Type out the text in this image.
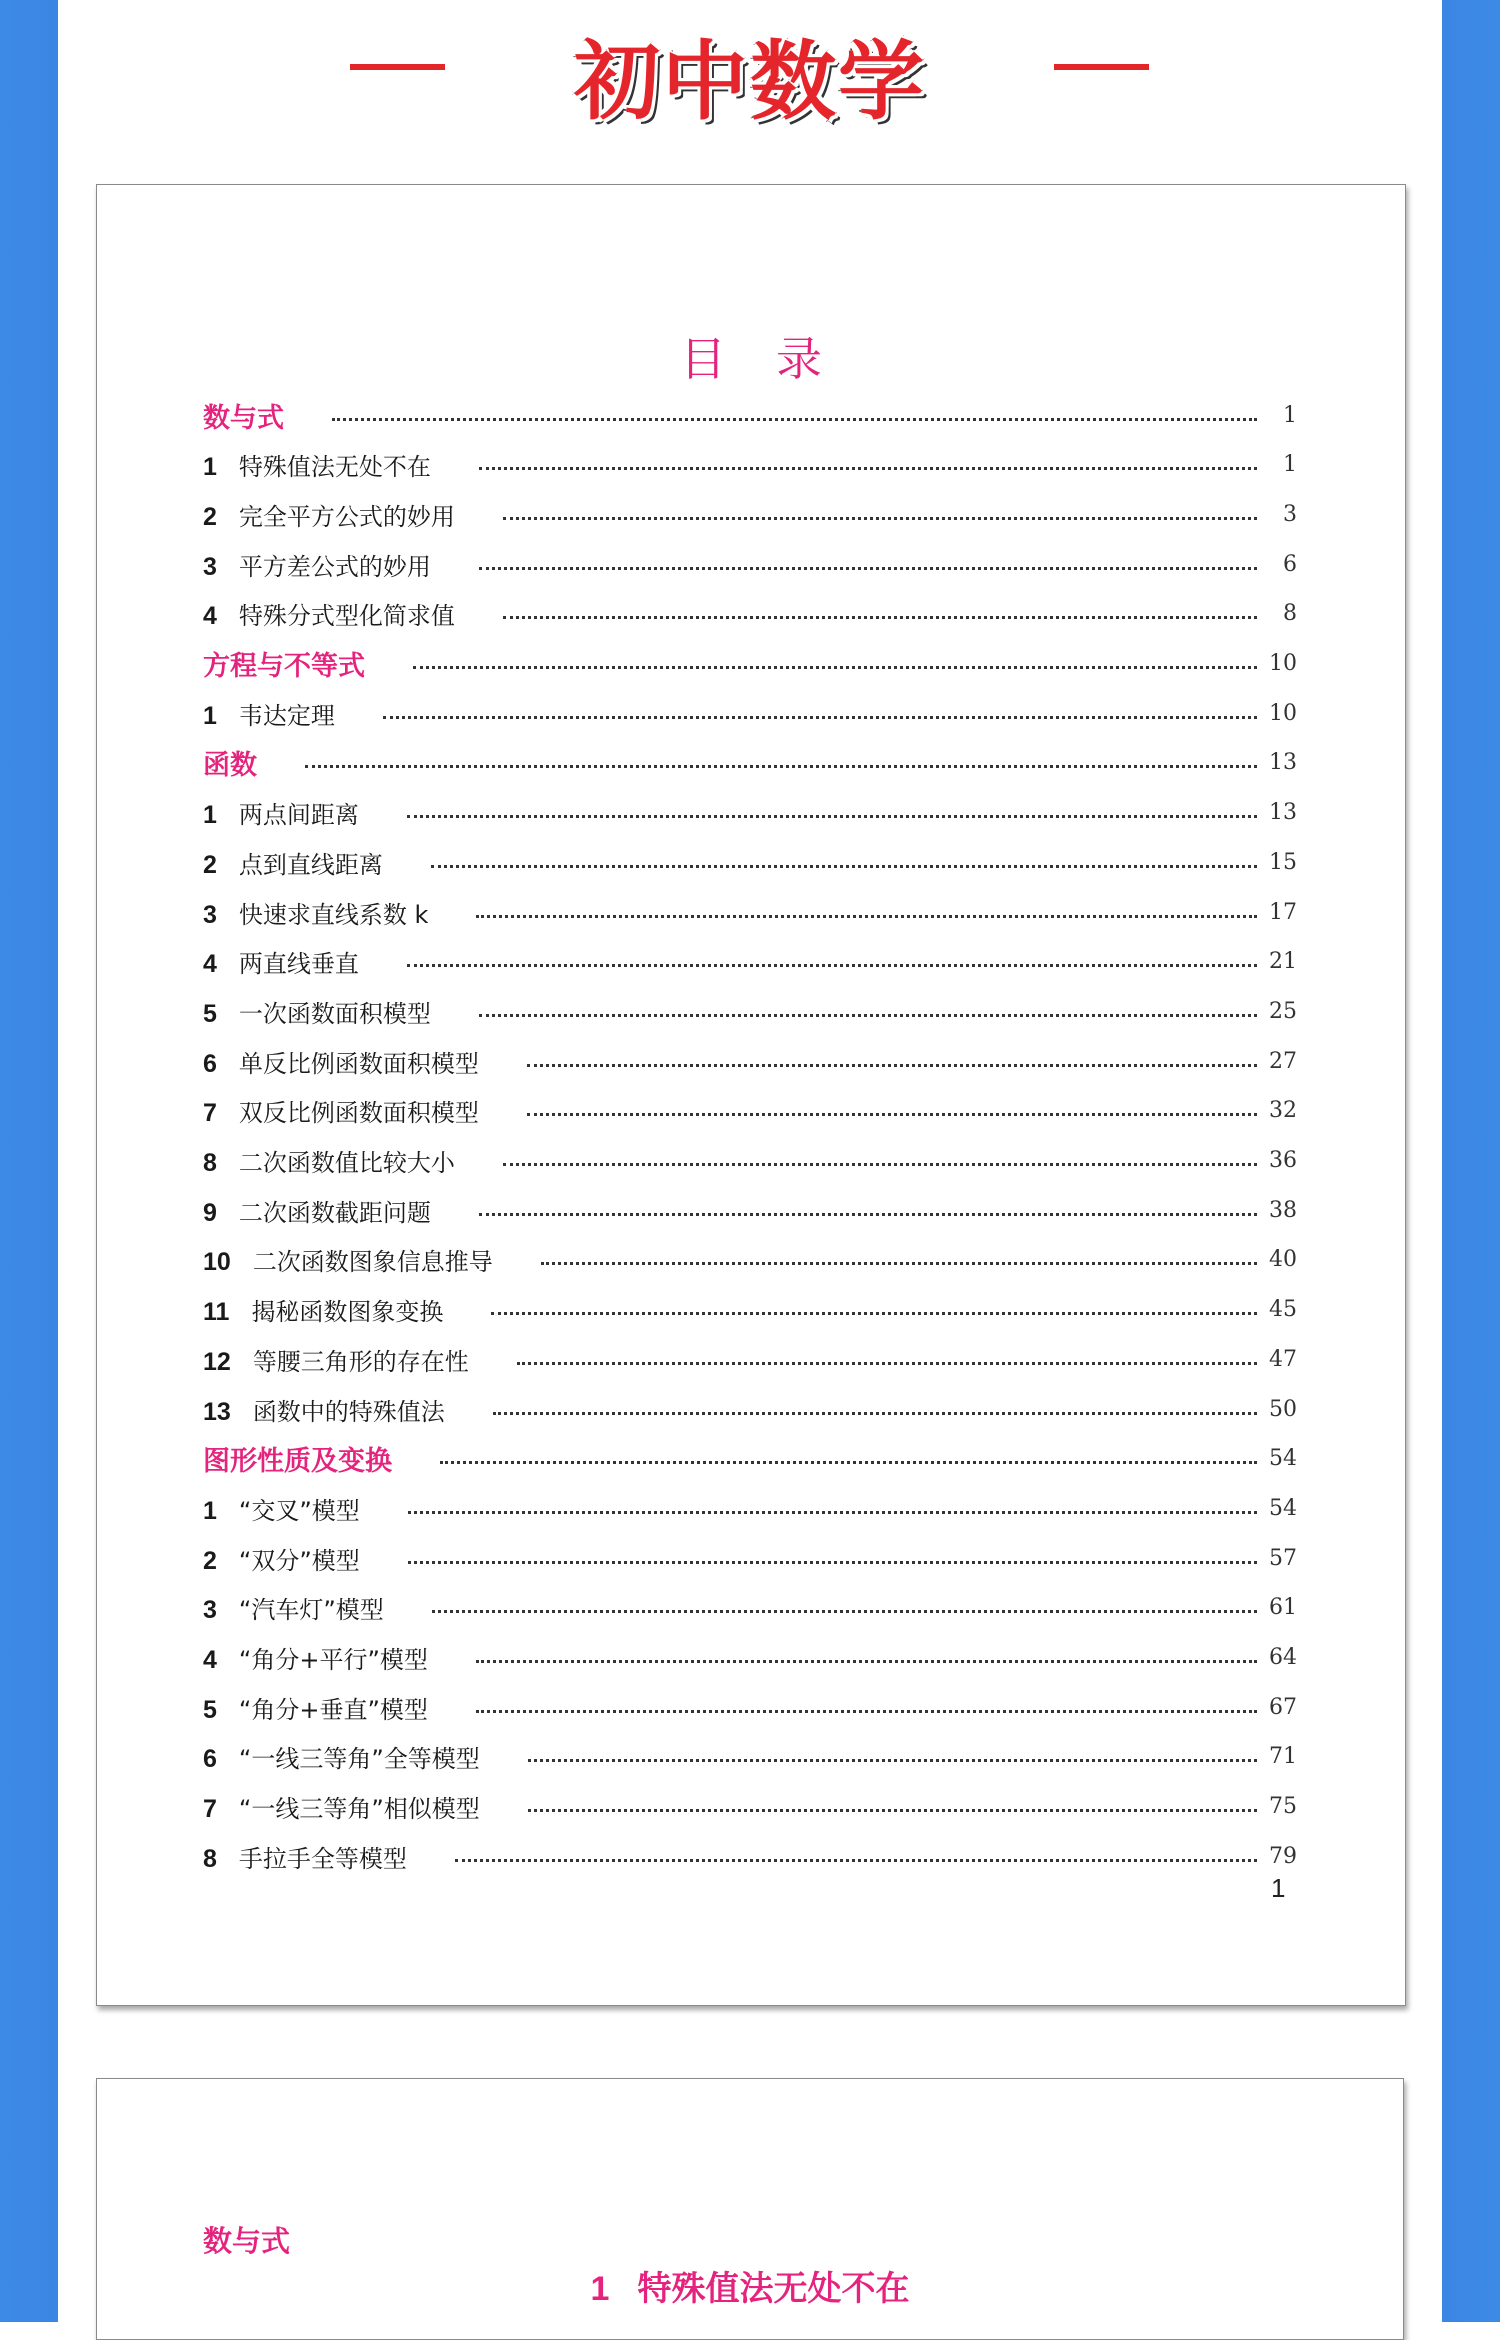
初中数学
目录
数与式	1
1 特殊值法无处不在	1
2 完全平方公式的妙用	3
3 平方差公式的妙用	6
4 特殊分式型化简求值	8
方程与不等式	10
1 韦达定理	10
函数	13
1 两点间距离	13
2 点到直线距离	15
3 快速求直线系数 k	17
4 两直线垂直	21
5 一次函数面积模型	25
6 单反比例函数面积模型	27
7 双反比例函数面积模型	32
8 二次函数值比较大小	36
9 二次函数截距问题	38
10 二次函数图象信息推导	40
11 揭秘函数图象变换	45
12 等腰三角形的存在性	47
13 函数中的特殊值法	50
图形性质及变换	54
1 “交叉”模型	54
2 “双分”模型	57
3 “汽车灯”模型	61
4 “角分+平行”模型	64
5 “角分+垂直”模型	67
6 “一线三等角”全等模型	71
7 “一线三等角”相似模型	75
8 手拉手全等模型	79
1
数与式
1 特殊值法无处不在
